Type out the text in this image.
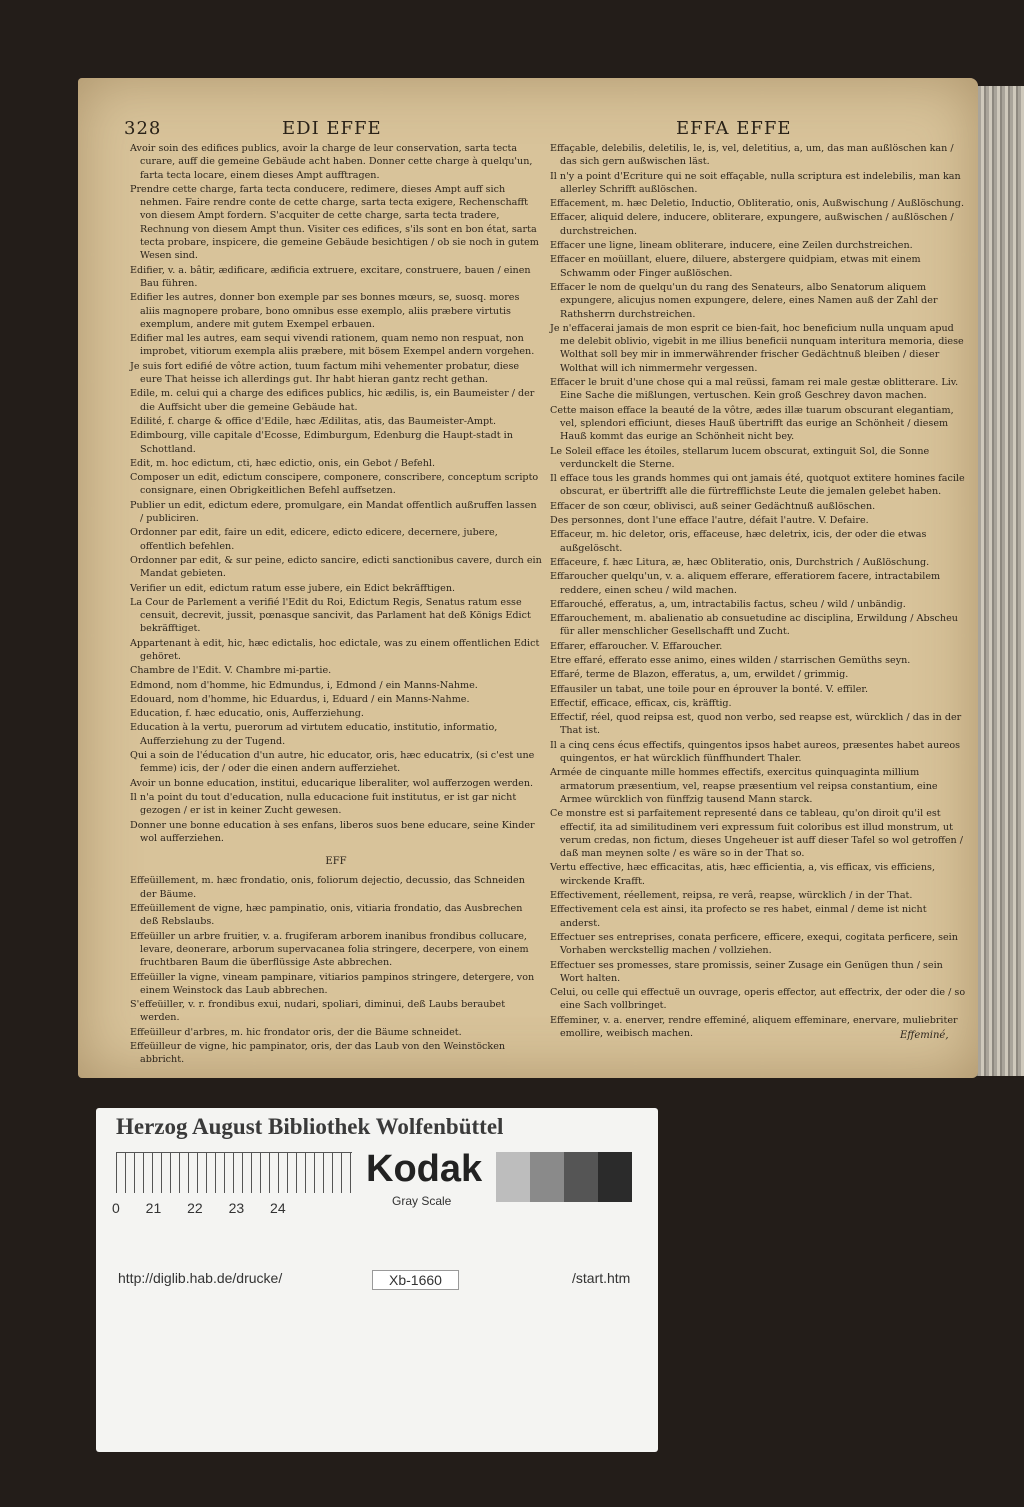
328	EDI EFFE	EFFA EFFE

Avoir soin des edifices publics, avoir la charge de leur conservation, sarta tecta curare, auff die gemeine Gebäude acht haben. Donner cette charge à quelqu'un, farta tecta locare, einem dieses Ampt aufftragen.

Prendre cette charge, farta tecta conducere, redimere, dieses Ampt auff sich nehmen. Faire rendre conte de cette charge, sarta tecta exigere, Rechenschafft von diesem Ampt fordern. S'acquiter de cette charge, sarta tecta tradere, Rechnung von diesem Ampt thun. Visiter ces edifices, s'ils sont en bon état, sarta tecta probare, inspicere, die gemeine Gebäude besichtigen / ob sie noch in gutem Wesen sind.

Edifier, v. a. bâtir, ædificare, ædificia extruere, excitare, construere, bauen / einen Bau führen.

Edifier les autres, donner bon exemple par ses bonnes mœurs, se, suosq. mores aliis magnopere probare, bono omnibus esse exemplo, aliis præbere virtutis exemplum, andere mit gutem Exempel erbauen.

Edifier mal les autres, eam sequi vivendi rationem, quam nemo non respuat, non improbet, vitiorum exempla aliis præbere, mit bösem Exempel andern vorgehen.

Je suis fort edifié de vôtre action, tuum factum mihi vehementer probatur, diese eure That heisse ich allerdings gut. Ihr habt hieran gantz recht gethan.

Edile, m. celui qui a charge des edifices publics, hic ædilis, is, ein Baumeister / der die Auffsicht uber die gemeine Gebäude hat.

Edilité, f. charge & office d'Edile, hæc Ædilitas, atis, das Baumeister-Ampt.

Edimbourg, ville capitale d'Ecosse, Edimburgum, Edenburg die Haupt-stadt in Schottland.

Edit, m. hoc edictum, cti, hæc edictio, onis, ein Gebot / Befehl.

Composer un edit, edictum conscipere, componere, conscribere, conceptum scripto consignare, einen Obrigkeitlichen Befehl auffsetzen.

Publier un edit, edictum edere, promulgare, ein Mandat offentlich außruffen lassen / publiciren.

Ordonner par edit, faire un edit, edicere, edicto edicere, decernere, jubere, offentlich befehlen.

Ordonner par edit, & sur peine, edicto sancire, edicti sanctionibus cavere, durch ein Mandat gebieten.

Verifier un edit, edictum ratum esse jubere, ein Edict bekräfftigen.

La Cour de Parlement a verifié l'Edit du Roi, Edictum Regis, Senatus ratum esse censuit, decrevit, jussit, pœnasque sancivit, das Parlament hat deß Königs Edict bekräfftiget.

Appartenant à edit, hic, hæc edictalis, hoc edictale, was zu einem offentlichen Edict gehöret.

Chambre de l'Edit. V. Chambre mi-partie.

Edmond, nom d'homme, hic Edmundus, i, Edmond / ein Manns-Nahme.

Edouard, nom d'homme, hic Eduardus, i, Eduard / ein Manns-Nahme.

Education, f. hæc educatio, onis, Aufferziehung.

Education à la vertu, puerorum ad virtutem educatio, institutio, informatio, Aufferziehung zu der Tugend.

Qui a soin de l'éducation d'un autre, hic educator, oris, hæc educatrix, (si c'est une femme) icis, der / oder die einen andern aufferziehet.

Avoir un bonne education, institui, educarique liberaliter, wol aufferzogen werden.

Il n'a point du tout d'education, nulla educacione fuit institutus, er ist gar nicht gezogen / er ist in keiner Zucht gewesen.

Donner une bonne education à ses enfans, liberos suos bene educare, seine Kinder wol aufferziehen.

EFF

Effeüillement, m. hæc frondatio, onis, foliorum dejectio, decussio, das Schneiden der Bäume.

Effeüillement de vigne, hæc pampinatio, onis, vitiaria frondatio, das Ausbrechen deß Rebslaubs.

Effeüiller un arbre fruitier, v. a. frugiferam arborem inanibus frondibus collucare, levare, deonerare, arborum supervacanea folia stringere, decerpere, von einem fruchtbaren Baum die überflüssige Aste abbrechen.

Effeüiller la vigne, vineam pampinare, vitiarios pampinos stringere, detergere, von einem Weinstock das Laub abbrechen.

S'effeüiller, v. r. frondibus exui, nudari, spoliari, diminui, deß Laubs beraubet werden.

Effeüilleur d'arbres, m. hic frondator oris, der die Bäume schneidet.

Effeüilleur de vigne, hic pampinator, oris, der das Laub von den Weinstöcken abbricht.

Effaçable, delebilis, deletilis, le, is, vel, deletitius, a, um, das man außlöschen kan / das sich gern außwischen läst.

Il n'y a point d'Ecriture qui ne soit effaçable, nulla scriptura est indelebilis, man kan allerley Schrifft außlöschen.

Effacement, m. hæc Deletio, Inductio, Obliteratio, onis, Außwischung / Außlöschung.

Effacer, aliquid delere, inducere, obliterare, expungere, außwischen / außlöschen / durchstreichen.

Effacer une ligne, lineam obliterare, inducere, eine Zeilen durchstreichen.

Effacer en moüillant, eluere, diluere, abstergere quidpiam, etwas mit einem Schwamm oder Finger außlöschen.

Effacer le nom de quelqu'un du rang des Senateurs, albo Senatorum aliquem expungere, alicujus nomen expungere, delere, eines Namen auß der Zahl der Rathsherrn durchstreichen.

Je n'effacerai jamais de mon esprit ce bien-fait, hoc beneficium nulla unquam apud me delebit oblivio, vigebit in me illius beneficii nunquam interitura memoria, diese Wolthat soll bey mir in immerwährender frischer Gedächtnuß bleiben / dieser Wolthat will ich nimmermehr vergessen.

Effacer le bruit d'une chose qui a mal reüssi, famam rei male gestæ oblitterare. Liv. Eine Sache die mißlungen, vertuschen. Kein groß Geschrey davon machen.

Cette maison efface la beauté de la vôtre, ædes illæ tuarum obscurant elegantiam, vel, splendori efficiunt, dieses Hauß übertrifft das eurige an Schönheit / diesem Hauß kommt das eurige an Schönheit nicht bey.

Le Soleil efface les étoiles, stellarum lucem obscurat, extinguit Sol, die Sonne verdunckelt die Sterne.

Il efface tous les grands hommes qui ont jamais été, quotquot extitere homines facile obscurat, er übertrifft alle die fürtrefflichste Leute die jemalen gelebet haben.

Effacer de son cœur, oblivisci, auß seiner Gedächtnuß außlöschen.

Des personnes, dont l'une efface l'autre, défait l'autre. V. Defaire.

Effaceur, m. hic deletor, oris, effaceuse, hæc deletrix, icis, der oder die etwas außgelöscht.

Effaceure, f. hæc Litura, æ, hæc Obliteratio, onis, Durchstrich / Außlöschung.

Effaroucher quelqu'un, v. a. aliquem efferare, efferatiorem facere, intractabilem reddere, einen scheu / wild machen.

Effarouché, efferatus, a, um, intractabilis factus, scheu / wild / unbändig.

Effarouchement, m. abalienatio ab consuetudine ac disciplina, Erwildung / Abscheu für aller menschlicher Gesellschafft und Zucht.

Effarer, effaroucher. V. Effaroucher.

Etre effaré, efferato esse animo, eines wilden / starrischen Gemüths seyn.

Effaré, terme de Blazon, efferatus, a, um, erwildet / grimmig.

Effausiler un tabat, une toile pour en éprouver la bonté. V. effiler.

Effectif, efficace, efficax, cis, kräfftig.

Effectif, réel, quod reipsa est, quod non verbo, sed reapse est, würcklich / das in der That ist.

Il a cinq cens écus effectifs, quingentos ipsos habet aureos, præsentes habet aureos quingentos, er hat würcklich fünffhundert Thaler.

Armée de cinquante mille hommes effectifs, exercitus quinquaginta millium armatorum præsentium, vel, reapse præsentium vel reipsa constantium, eine Armee würcklich von fünffzig tausend Mann starck.

Ce monstre est si parfaitement representé dans ce tableau, qu'on diroit qu'il est effectif, ita ad similitudinem veri expressum fuit coloribus est illud monstrum, ut verum credas, non fictum, dieses Ungeheuer ist auff dieser Tafel so wol getroffen / daß man meynen solte / es wäre so in der That so.

Vertu effective, hæc efficacitas, atis, hæc efficientia, a, vis efficax, vis efficiens, wirckende Krafft.

Effectivement, réellement, reipsa, re verâ, reapse, würcklich / in der That.

Effectivement cela est ainsi, ita profecto se res habet, einmal / deme ist nicht anderst.

Effectuer ses entreprises, conata perficere, efficere, exequi, cogitata perficere, sein Vorhaben werckstellig machen / vollziehen.

Effectuer ses promesses, stare promissis, seiner Zusage ein Genügen thun / sein Wort halten.

Celui, ou celle qui effectuë un ouvrage, operis effector, aut effectrix, der oder die / so eine Sach vollbringet.

Effeminer, v. a. enerver, rendre effeminé, aliquem effeminare, enervare, muliebriter emollire, weibisch machen.	Effeminé,
Herzog August Bibliothek Wolfenbüttel
0 21 22 23 24
Kodak
Gray Scale
http://diglib.hab.de/drucke/	Xb-1660	/start.htm
